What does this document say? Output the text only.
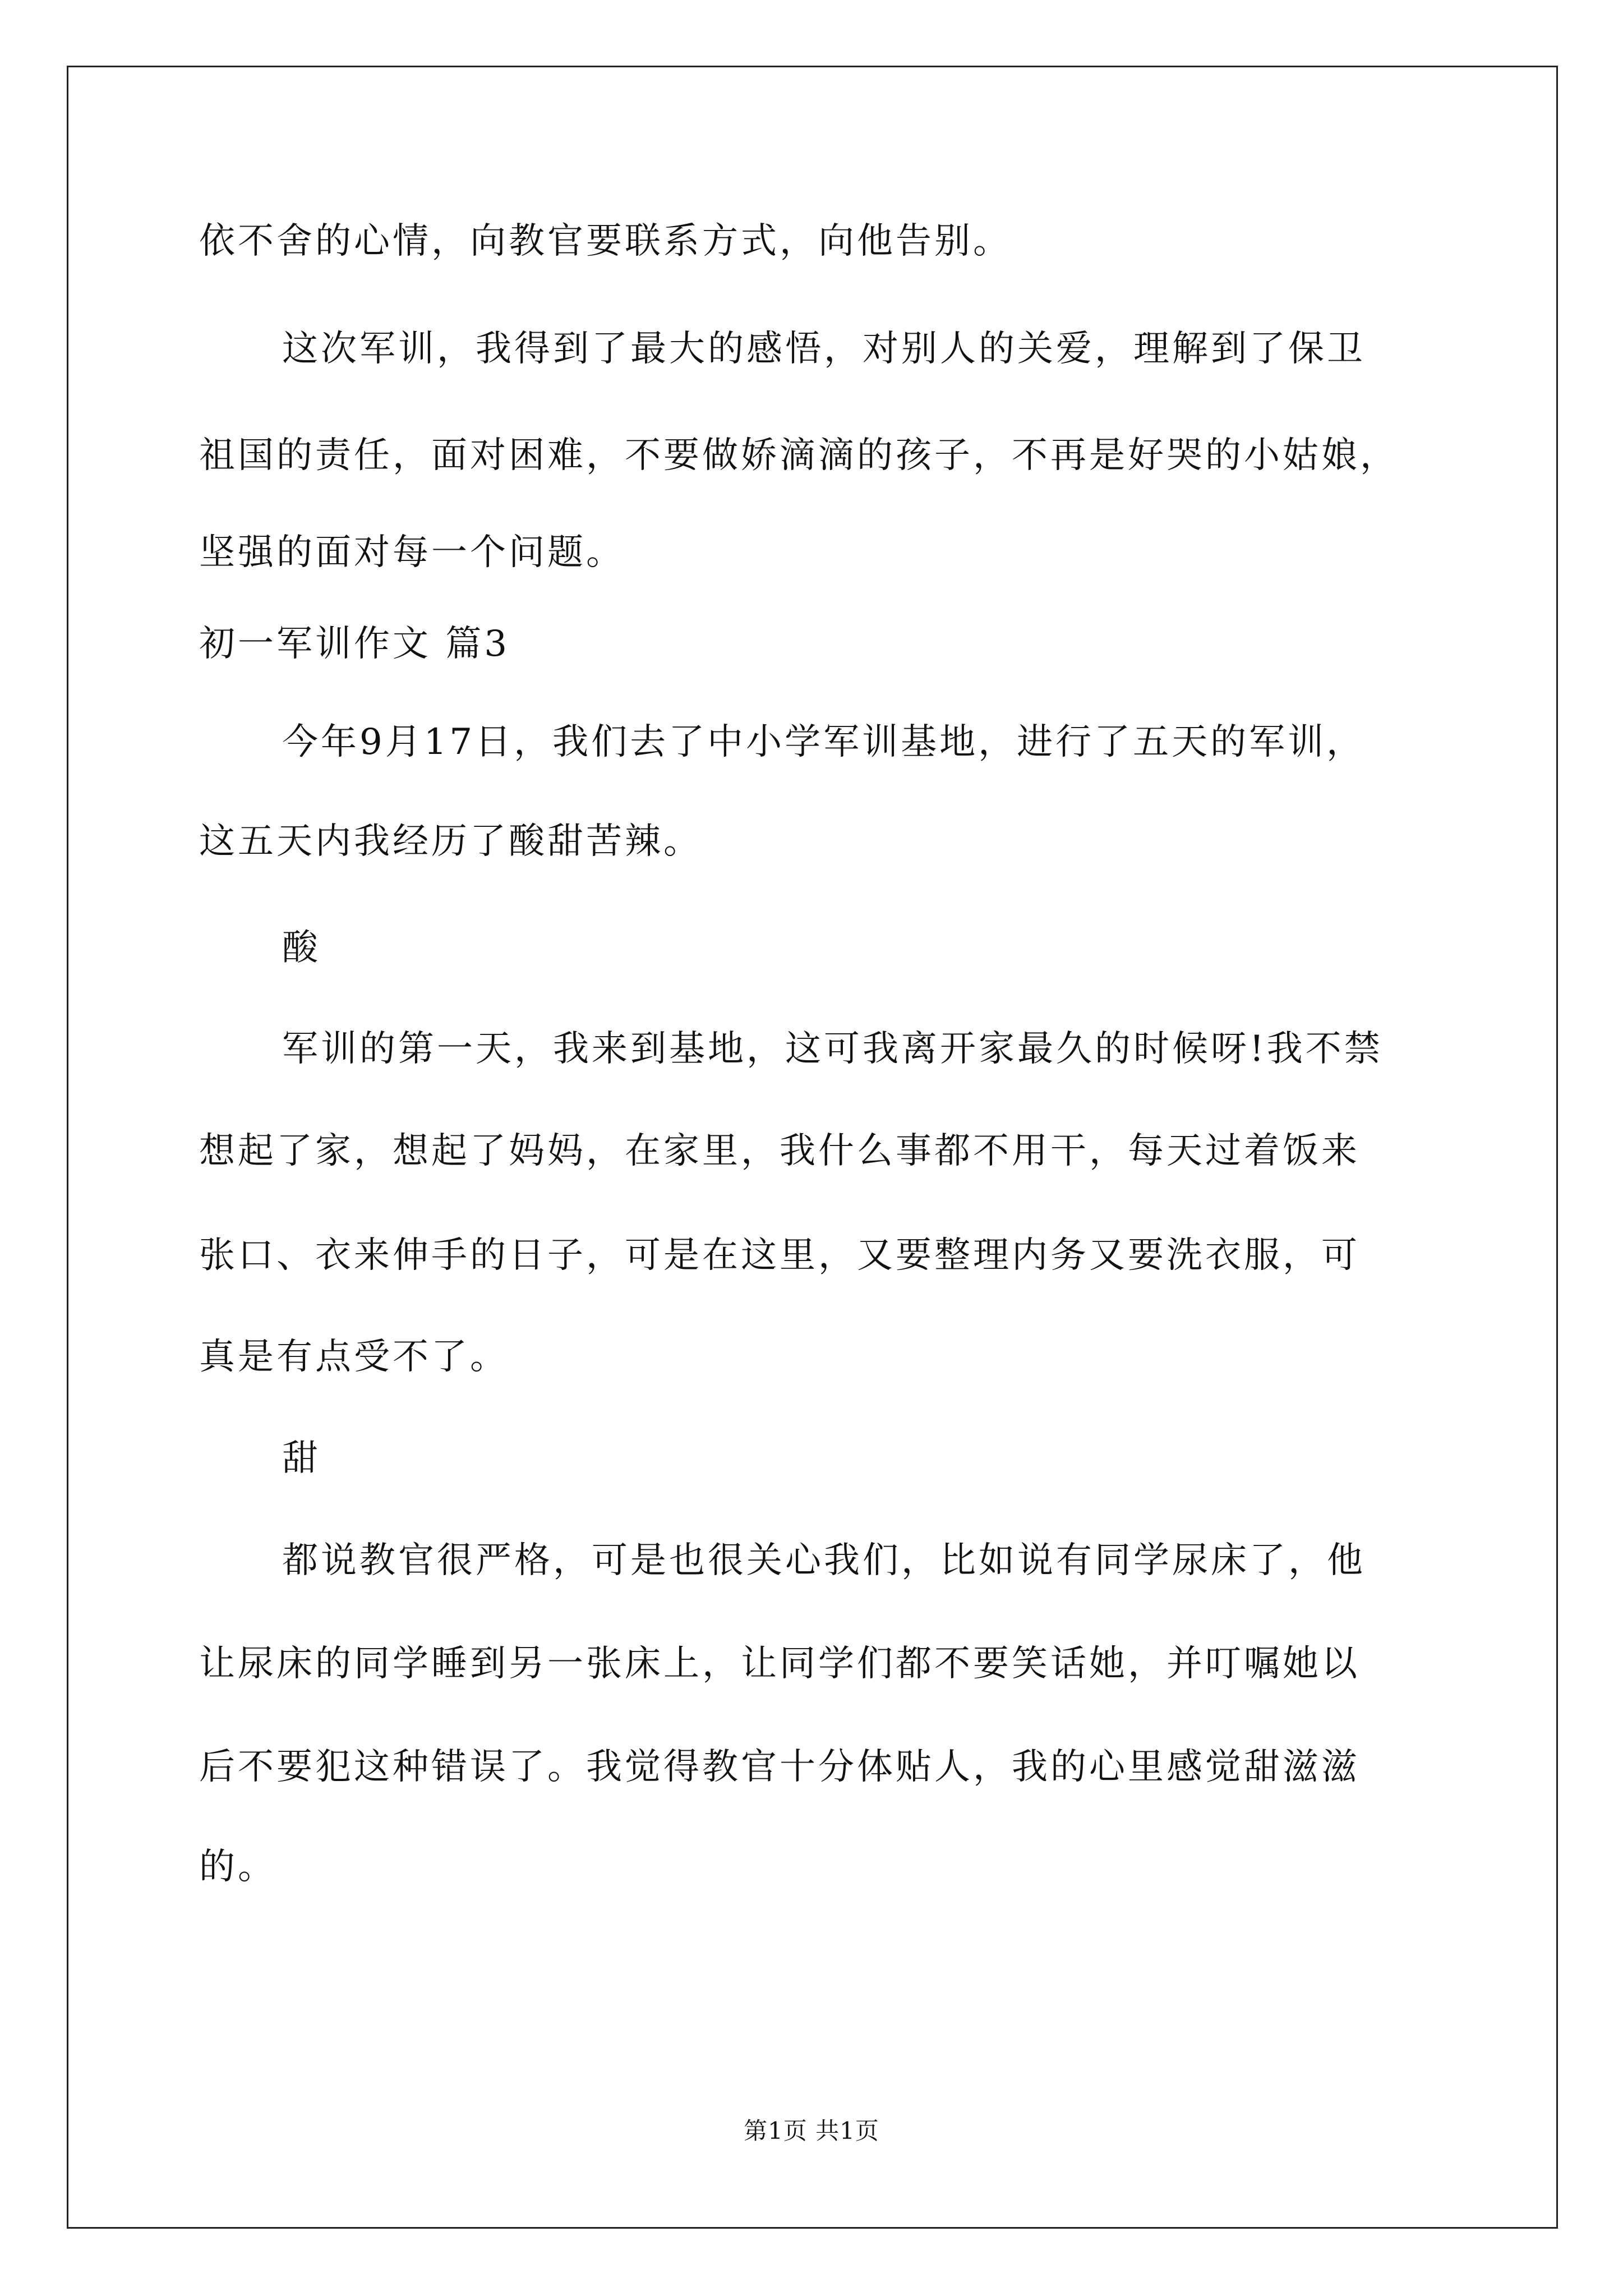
依不舍的心情，向教官要联系方式，向他告别。
这次军训，我得到了最大的感悟，对别人的关爱，理解到了保卫
祖国的责任，面对困难，不要做娇滴滴的孩子，不再是好哭的小姑娘，
坚强的面对每一个问题。
初一军训作文 篇3
今年9月17日，我们去了中小学军训基地，进行了五天的军训，
这五天内我经历了酸甜苦辣。
酸
军训的第一天，我来到基地，这可我离开家最久的时候呀!我不禁
想起了家，想起了妈妈，在家里，我什么事都不用干，每天过着饭来
张口、衣来伸手的日子，可是在这里，又要整理内务又要洗衣服，可
真是有点受不了。
甜
都说教官很严格，可是也很关心我们，比如说有同学尿床了，他
让尿床的同学睡到另一张床上，让同学们都不要笑话她，并叮嘱她以
后不要犯这种错误了。我觉得教官十分体贴人，我的心里感觉甜滋滋
的。
第1页 共1页
